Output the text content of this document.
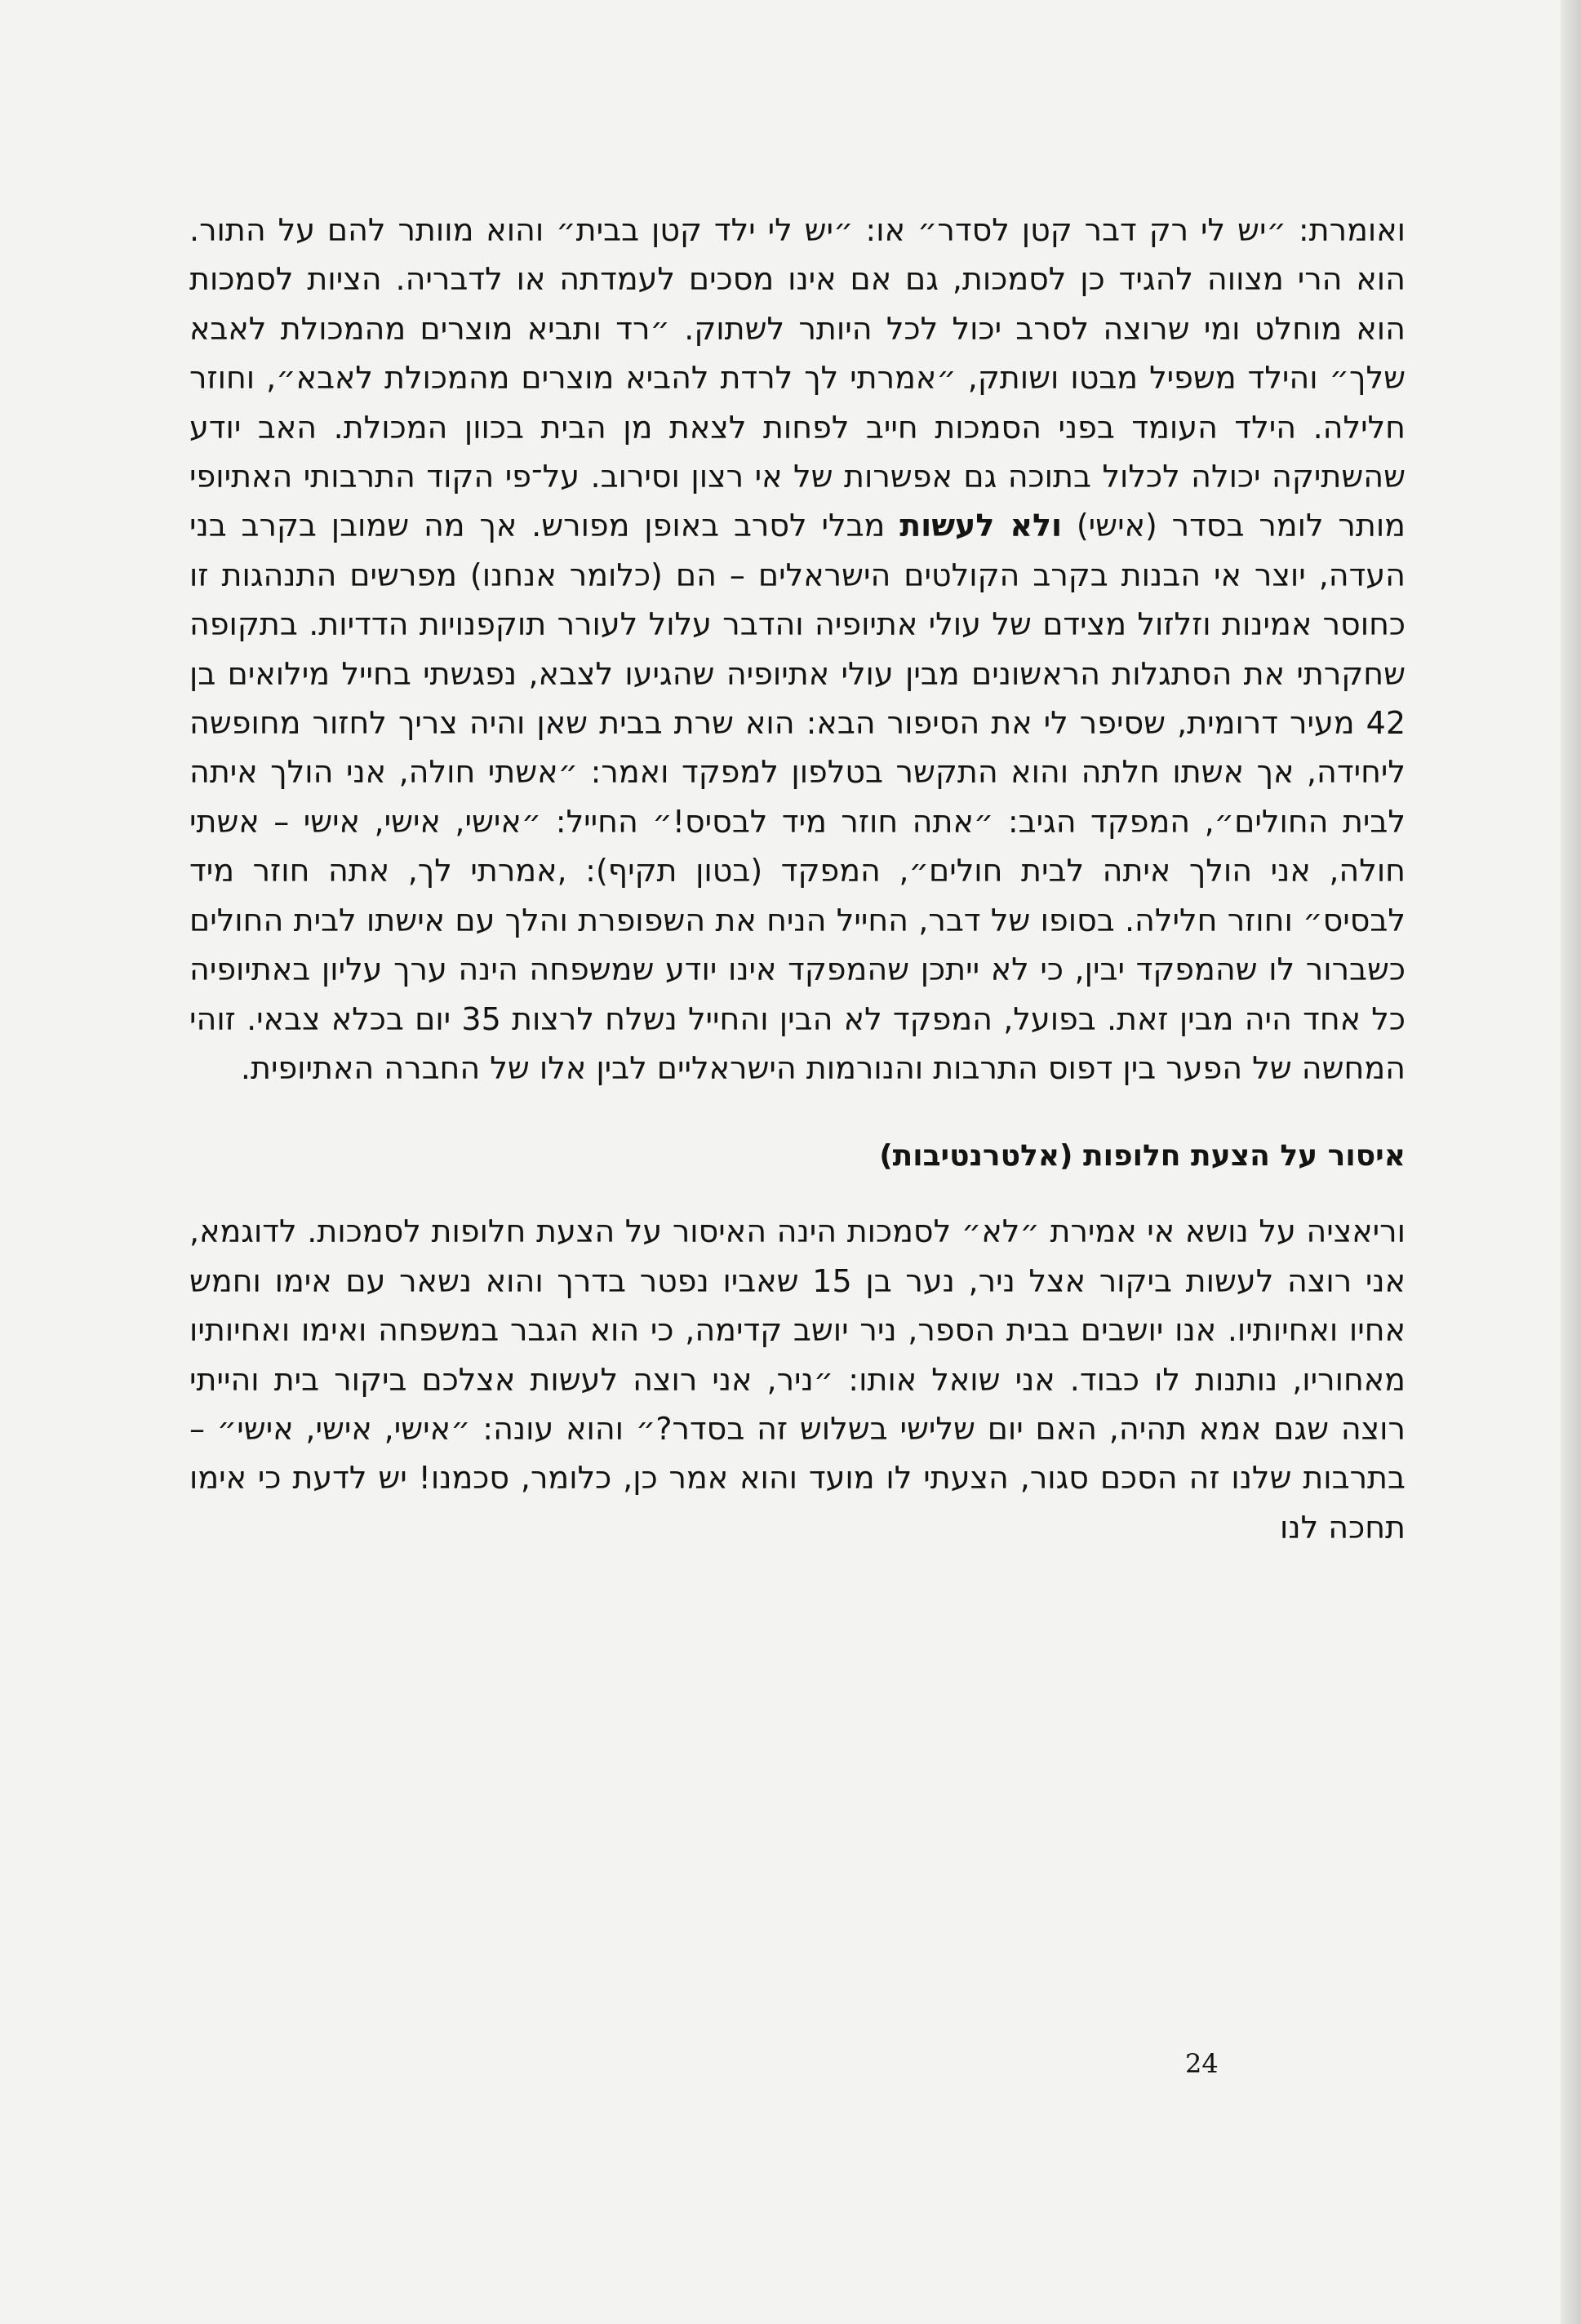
ואומרת: ״יש לי רק דבר קטן לסדר״ או: ״יש לי ילד קטן בבית״ והוא מוותר להם על התור. הוא הרי מצווה להגיד כן לסמכות, גם אם אינו מסכים לעמדתה או לדבריה. הציות לסמכות הוא מוחלט ומי שרוצה לסרב יכול לכל היותר לשתוק. ״רד ותביא מוצרים מהמכולת לאבא שלך״ והילד משפיל מבטו ושותק, ״אמרתי לך לרדת להביא מוצרים מהמכולת לאבא״, וחוזר חלילה. הילד העומד בפני הסמכות חייב לפחות לצאת מן הבית בכוון המכולת. האב יודע שהשתיקה יכולה לכלול בתוכה גם אפשרות של אי רצון וסירוב. על־פי הקוד התרבותי האתיופי מותר לומר בסדר (אישי) ולא לעשות מבלי לסרב באופן מפורש. אך מה שמובן בקרב בני העדה, יוצר אי הבנות בקרב הקולטים הישראלים – הם (כלומר אנחנו) מפרשים התנהגות זו כחוסר אמינות וזלזול מצידם של עולי אתיופיה והדבר עלול לעורר תוקפנויות הדדיות. בתקופה שחקרתי את הסתגלות הראשונים מבין עולי אתיופיה שהגיעו לצבא, נפגשתי בחייל מילואים בן 42 מעיר דרומית, שסיפר לי את הסיפור הבא: הוא שרת בבית שאן והיה צריך לחזור מחופשה ליחידה, אך אשתו חלתה והוא התקשר בטלפון למפקד ואמר: ״אשתי חולה, אני הולך איתה לבית החולים״, המפקד הגיב: ״אתה חוזר מיד לבסיס!״ החייל: ״אישי, אישי, אישי – אשתי חולה, אני הולך איתה לבית חולים״, המפקד (בטון תקיף): ,אמרתי לך, אתה חוזר מיד לבסיס״ וחוזר חלילה. בסופו של דבר, החייל הניח את השפופרת והלך עם אישתו לבית החולים כשברור לו שהמפקד יבין, כי לא ייתכן שהמפקד אינו יודע שמשפחה הינה ערך עליון באתיופיה כל אחד היה מבין זאת. בפועל, המפקד לא הבין והחייל נשלח לרצות 35 יום בכלא צבאי. זוהי המחשה של הפער בין דפוס התרבות והנורמות הישראליים לבין אלו של החברה האתיופית.

איסור על הצעת חלופות (אלטרנטיבות)

וריאציה על נושא אי אמירת ״לא״ לסמכות הינה האיסור על הצעת חלופות לסמכות. לדוגמא, אני רוצה לעשות ביקור אצל ניר, נער בן 15 שאביו נפטר בדרך והוא נשאר עם אימו וחמש אחיו ואחיותיו. אנו יושבים בבית הספר, ניר יושב קדימה, כי הוא הגבר במשפחה ואימו ואחיותיו מאחוריו, נותנות לו כבוד. אני שואל אותו: ״ניר, אני רוצה לעשות אצלכם ביקור בית והייתי רוצה שגם אמא תהיה, האם יום שלישי בשלוש זה בסדר?״ והוא עונה: ״אישי, אישי, אישי״ – בתרבות שלנו זה הסכם סגור, הצעתי לו מועד והוא אמר כן, כלומר, סכמנו! יש לדעת כי אימו תחכה לנו

24
